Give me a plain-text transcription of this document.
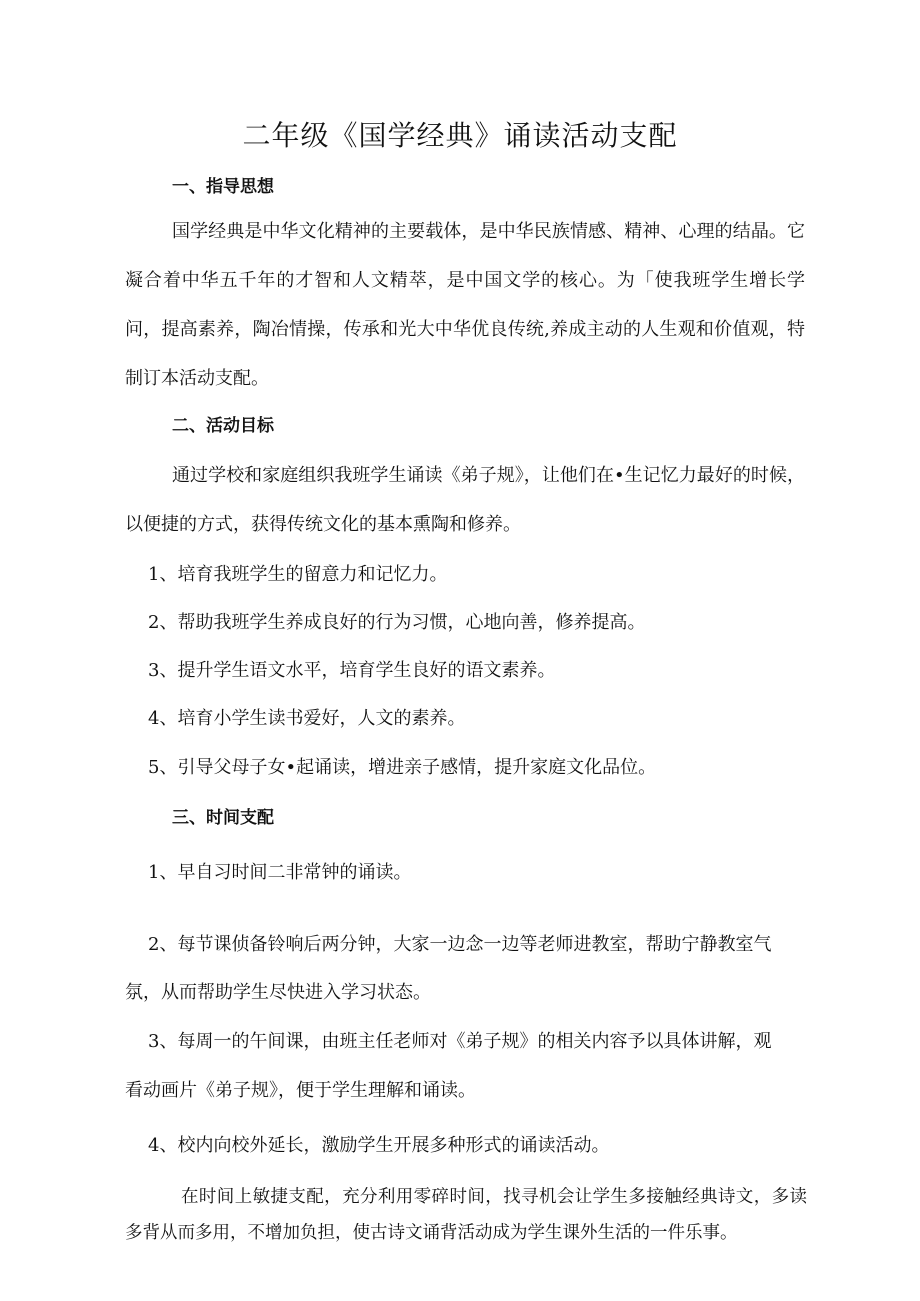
二年级《国学经典》诵读活动支配
一、指导思想

国学经典是中华文化精神的主要载体，是中华民族情感、精神、心理的结晶。它凝合着中华五千年的才智和人文精萃，是中国文学的核心。为「使我班学生增长学问，提高素养，陶冶情操，传承和光大中华优良传统,养成主动的人生观和价值观，特制订本活动支配。

二、活动目标

通过学校和家庭组织我班学生诵读《弟子规》，让他们在•生记忆力最好的时候，以便捷的方式，获得传统文化的基本熏陶和修养。

1、培育我班学生的留意力和记忆力。

2、帮助我班学生养成良好的行为习惯，心地向善，修养提高。

3、提升学生语文水平，培育学生良好的语文素养。

4、培育小学生读书爱好，人文的素养。

5、引导父母子女•起诵读，增进亲子感情，提升家庭文化品位。

三、时间支配

1、早自习时间二非常钟的诵读。

2、每节课侦备铃响后两分钟，大家一边念一边等老师进教室，帮助宁静教室气

氛，从而帮助学生尽快进入学习状态。

3、每周一的午间课，由班主任老师对《弟子规》的相关内容予以具体讲解，观

看动画片《弟子规》，便于学生理解和诵读。

4、校内向校外延长，激励学生开展多种形式的诵读活动。

在时间上敏捷支配，充分利用零碎时间，找寻机会让学生多接触经典诗文，多读多背从而多用，不增加负担，使古诗文诵背活动成为学生课外生活的一件乐事。
